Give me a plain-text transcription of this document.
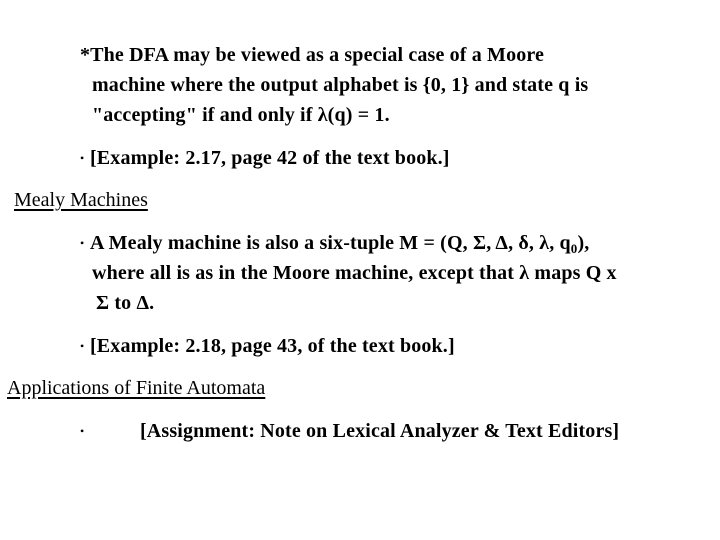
*The DFA may be viewed as a special case of a Moore
machine where the output alphabet is {0, 1} and state q is
"accepting" if and only if λ(q) = 1.
• [Example: 2.17, page 42 of the text book.]
Mealy Machines
• A Mealy machine is also a six-tuple M = (Q, Σ, Δ, δ, λ, $q_0$),
where all is as in the Moore machine, except that λ maps Q x
Σ to Δ.
• [Example: 2.18, page 43, of the text book.]
Applications of Finite Automata
•	[Assignment: Note on Lexical Analyzer & Text Editors]
